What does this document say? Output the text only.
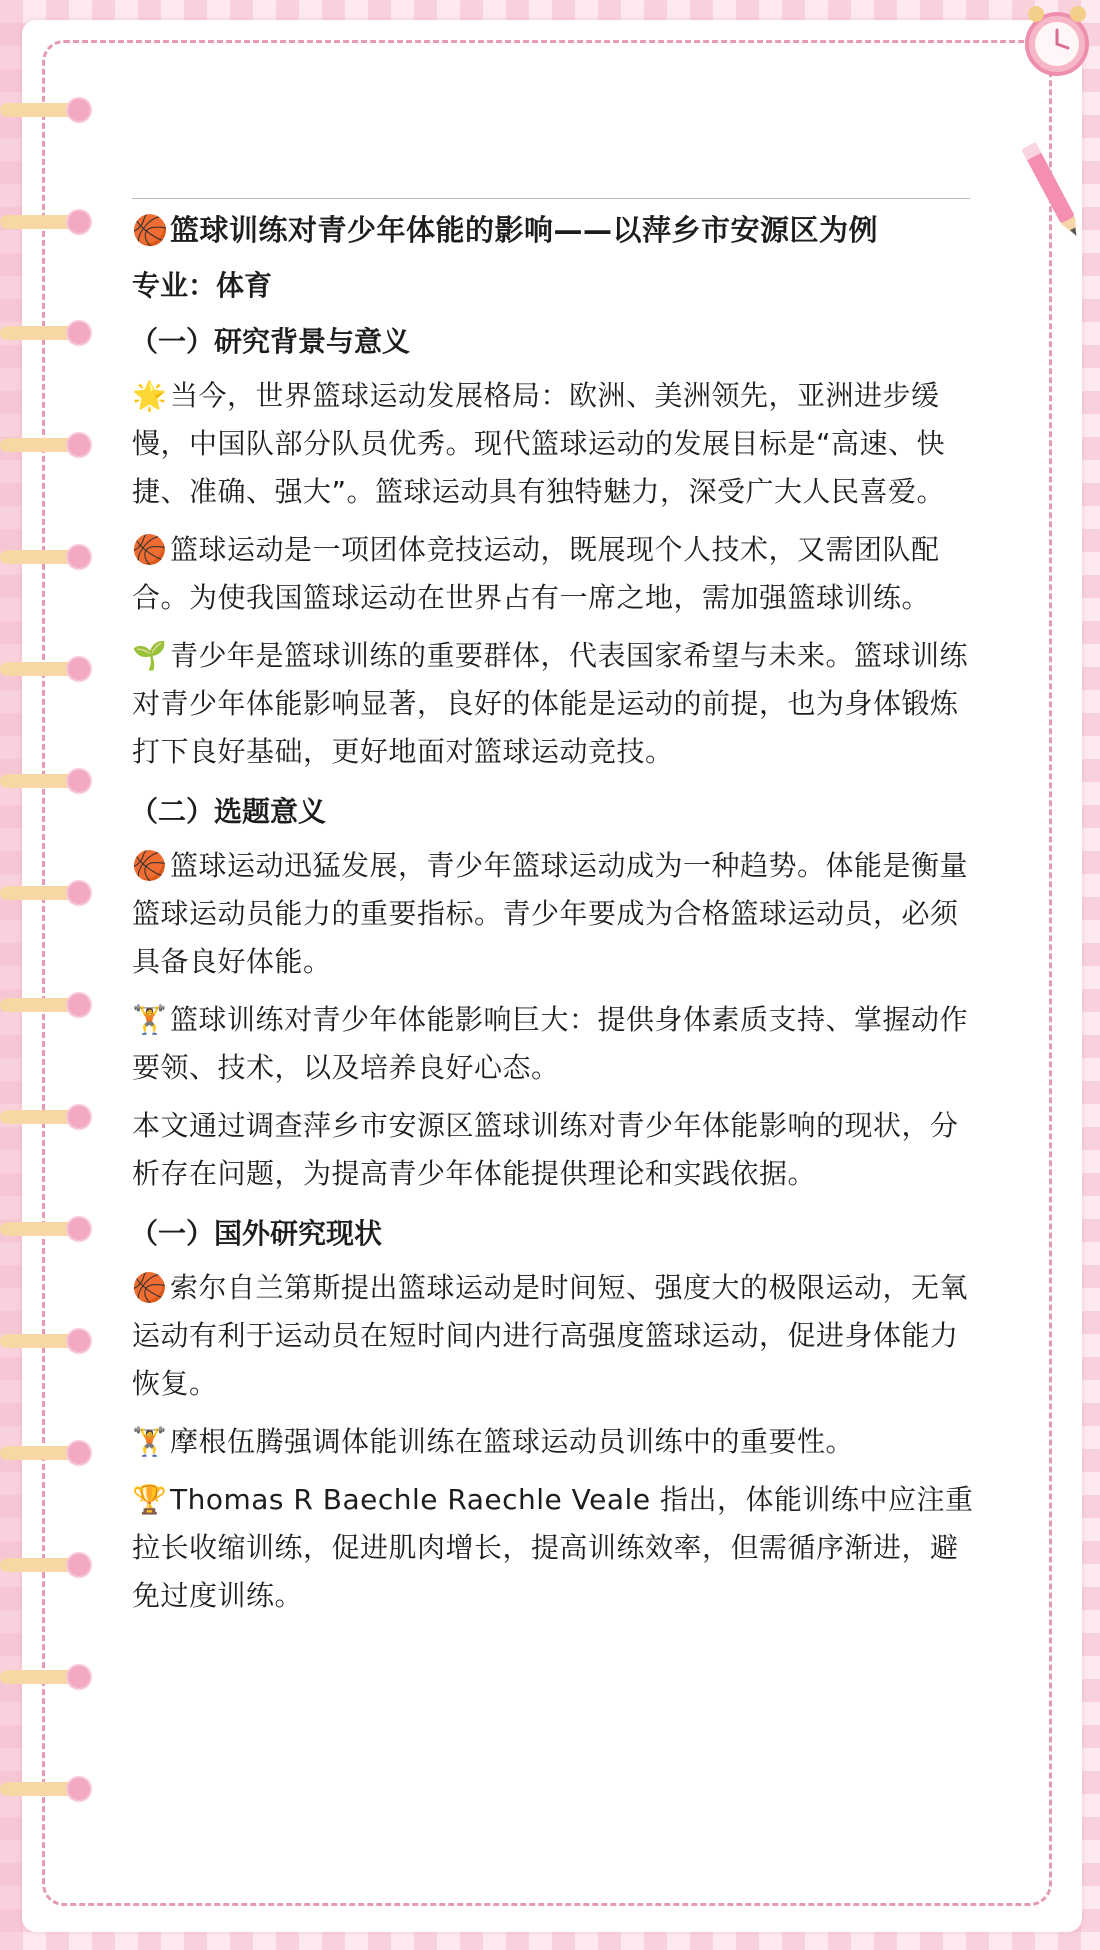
🏀篮球训练对青少年体能的影响——以萍乡市安源区为例
专业：体育
（一）研究背景与意义
🌟当今，世界篮球运动发展格局：欧洲、美洲领先，亚洲进步缓慢，中国队部分队员优秀。现代篮球运动的发展目标是“高速、快捷、准确、强大”。篮球运动具有独特魅力，深受广大人民喜爱。
🏀篮球运动是一项团体竞技运动，既展现个人技术，又需团队配合。为使我国篮球运动在世界占有一席之地，需加强篮球训练。
🌱青少年是篮球训练的重要群体，代表国家希望与未来。篮球训练对青少年体能影响显著，良好的体能是运动的前提，也为身体锻炼打下良好基础，更好地面对篮球运动竞技。
（二）选题意义
🏀篮球运动迅猛发展，青少年篮球运动成为一种趋势。体能是衡量篮球运动员能力的重要指标。青少年要成为合格篮球运动员，必须具备良好体能。
🏋篮球训练对青少年体能影响巨大：提供身体素质支持、掌握动作要领、技术，以及培养良好心态。
本文通过调查萍乡市安源区篮球训练对青少年体能影响的现状，分析存在问题，为提高青少年体能提供理论和实践依据。
（一）国外研究现状
🏀索尔自兰第斯提出篮球运动是时间短、强度大的极限运动，无氧运动有利于运动员在短时间内进行高强度篮球运动，促进身体能力恢复。
🏋摩根伍腾强调体能训练在篮球运动员训练中的重要性。
🏆Thomas R Baechle Raechle Veale 指出，体能训练中应注重拉长收缩训练，促进肌肉增长，提高训练效率，但需循序渐进，避免过度训练。
